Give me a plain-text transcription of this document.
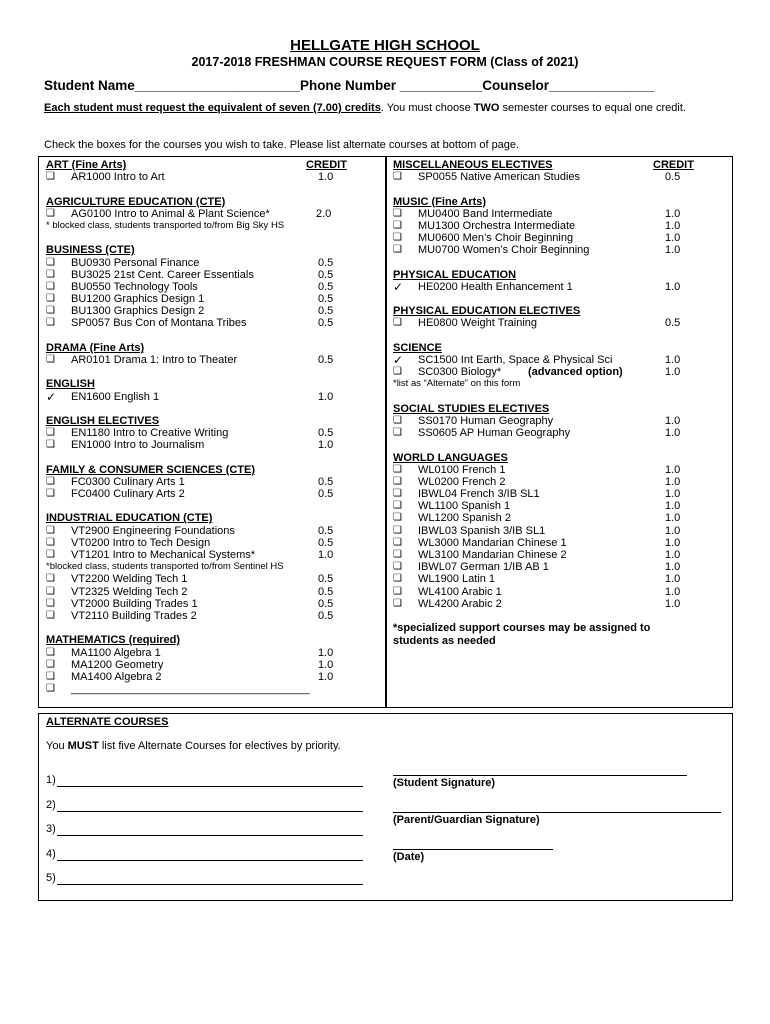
HELLGATE HIGH SCHOOL
2017-2018 FRESHMAN COURSE REQUEST FORM (Class of 2021)
Student Name______________________Phone Number ___________Counselor______________
Each student must request the equivalent of seven (7.00) credits. You must choose TWO semester courses to equal one credit.
Check the boxes for the courses you wish to take. Please list alternate courses at bottom of page.
ART (Fine Arts)	CREDIT
❏	AR1000 Intro to Art	1.0
AGRICULTURE EDUCATION (CTE)
❏	AG0100 Intro to Animal & Plant Science*	2.0
* blocked class, students transported to/from Big Sky HS
BUSINESS (CTE)
❏	BU0930 Personal Finance	0.5
❏	BU3025 21st Cent. Career Essentials	0.5
❏	BU0550 Technology Tools	0.5
❏	BU1200 Graphics Design 1	0.5
❏	BU1300 Graphics Design 2	0.5
❏	SP0057 Bus Con of Montana Tribes	0.5
DRAMA (Fine Arts)
❏	AR0101 Drama 1: Intro to Theater	0.5
ENGLISH
✓	EN1600 English 1	1.0
ENGLISH ELECTIVES
❏	EN1180 Intro to Creative Writing	0.5
❏	EN1000 Intro to Journalism	1.0
FAMILY & CONSUMER SCIENCES (CTE)
❏	FC0300 Culinary Arts 1	0.5
❏	FC0400 Culinary Arts 2	0.5
INDUSTRIAL EDUCATION (CTE)
❏	VT2900 Engineering Foundations	0.5
❏	VT0200 Intro to Tech Design	0.5
❏	VT1201 Intro to Mechanical Systems*	1.0
*blocked class, students transported to/from Sentinel HS
❏	VT2200 Welding Tech 1	0.5
❏	VT2325 Welding Tech 2	0.5
❏	VT2000 Building Trades 1	0.5
❏	VT2110 Building Trades 2	0.5
MATHEMATICS (required)
❏	MA1100 Algebra 1	1.0
❏	MA1200 Geometry	1.0
❏	MA1400 Algebra 2	1.0
❏	_______________________________________
MISCELLANEOUS ELECTIVES	CREDIT
❏	SP0055 Native American Studies	0.5
MUSIC (Fine Arts)
❏	MU0400 Band Intermediate	1.0
❏	MU1300 Orchestra Intermediate	1.0
❏	MU0600 Men’s Choir Beginning	1.0
❏	MU0700 Women’s Choir Beginning	1.0
PHYSICAL EDUCATION
✓	HE0200 Health Enhancement 1	1.0
PHYSICAL EDUCATION ELECTIVES
❏	HE0800 Weight Training	0.5
SCIENCE
✓	SC1500 Int Earth, Space & Physical Sci	1.0
❏	SC0300 Biology* (advanced option)	1.0
*list as “Alternate” on this form
SOCIAL STUDIES ELECTIVES
❏	SS0170 Human Geography	1.0
❏	SS0605 AP Human Geography	1.0
WORLD LANGUAGES
❏	WL0100 French 1	1.0
❏	WL0200 French 2	1.0
❏	IBWL04 French 3/IB SL1	1.0
❏	WL1100 Spanish 1	1.0
❏	WL1200 Spanish 2	1.0
❏	IBWL03 Spanish 3/IB SL1	1.0
❏	WL3000 Mandarian Chinese 1	1.0
❏	WL3100 Mandarian Chinese 2	1.0
❏	IBWL07 German 1/IB AB 1	1.0
❏	WL1900 Latin 1	1.0
❏	WL4100 Arabic 1	1.0
❏	WL4200 Arabic 2	1.0
*specialized support courses may be assigned to students as needed
ALTERNATE COURSES
You MUST list five Alternate Courses for electives by priority.
1)
2)
3)
4)
5)
(Student Signature)
(Parent/Guardian Signature)
(Date)
